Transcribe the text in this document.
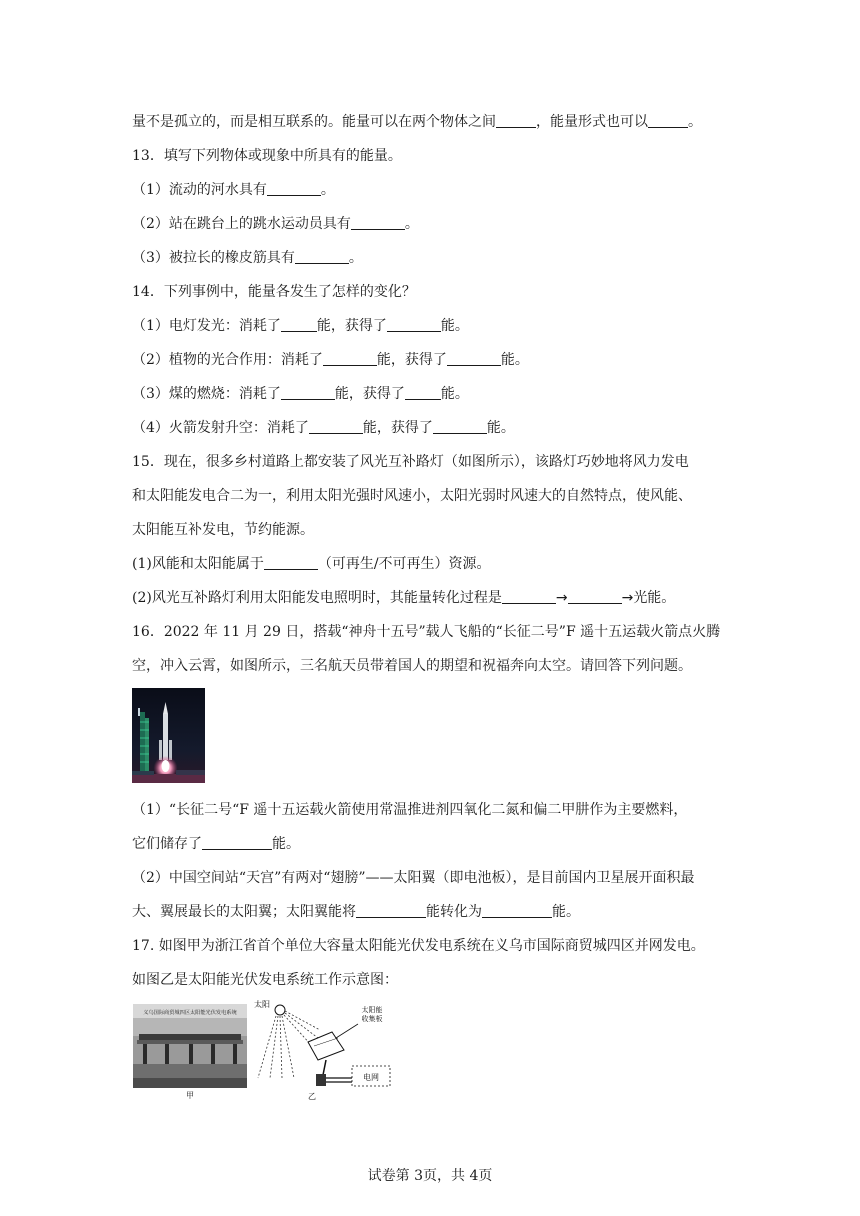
量不是孤立的，而是相互联系的。能量可以在两个物体之间	，能量形式也可以	。
13．填写下列物体或现象中所具有的能量。
（1）流动的河水具有	。
（2）站在跳台上的跳水运动员具有	。
（3）被拉长的橡皮筋具有	。
14．下列事例中，能量各发生了怎样的变化？
（1）电灯发光：消耗了	能，获得了	能。
（2）植物的光合作用：消耗了	能，获得了	能。
（3）煤的燃烧：消耗了	能，获得了	能。
（4）火箭发射升空：消耗了	能，获得了	能。
15．现在，很多乡村道路上都安装了风光互补路灯（如图所示），该路灯巧妙地将风力发电
和太阳能发电合二为一，利用太阳光强时风速小，太阳光弱时风速大的自然特点，使风能、
太阳能互补发电，节约能源。
(1)风能和太阳能属于	（可再生/不可再生）资源。
(2)风光互补路灯利用太阳能发电照明时，其能量转化过程是	→	→光能。
16．2022 年 11 月 29 日，搭载“神舟十五号”载人飞船的“长征二号”F 遥十五运载火箭点火腾
空，冲入云霄，如图所示，三名航天员带着国人的期望和祝福奔向太空。请回答下列问题。
（1）“长征二号“F 遥十五运载火箭使用常温推进剂四氧化二氮和偏二甲肼作为主要燃料，
它们储存了	能。
（2）中国空间站“天宫”有两对“翅膀”——太阳翼（即电池板），是目前国内卫星展开面积最
大、翼展最长的太阳翼；太阳翼能将	能转化为	能。
17. 如图甲为浙江省首个单位大容量太阳能光伏发电系统在义乌市国际商贸城四区并网发电。
如图乙是太阳能光伏发电系统工作示意图：
义乌国际商贸城四区太阳能光伏发电系统
甲
太阳
太阳能
收集板
电网
乙
试卷第 3页，共 4页
